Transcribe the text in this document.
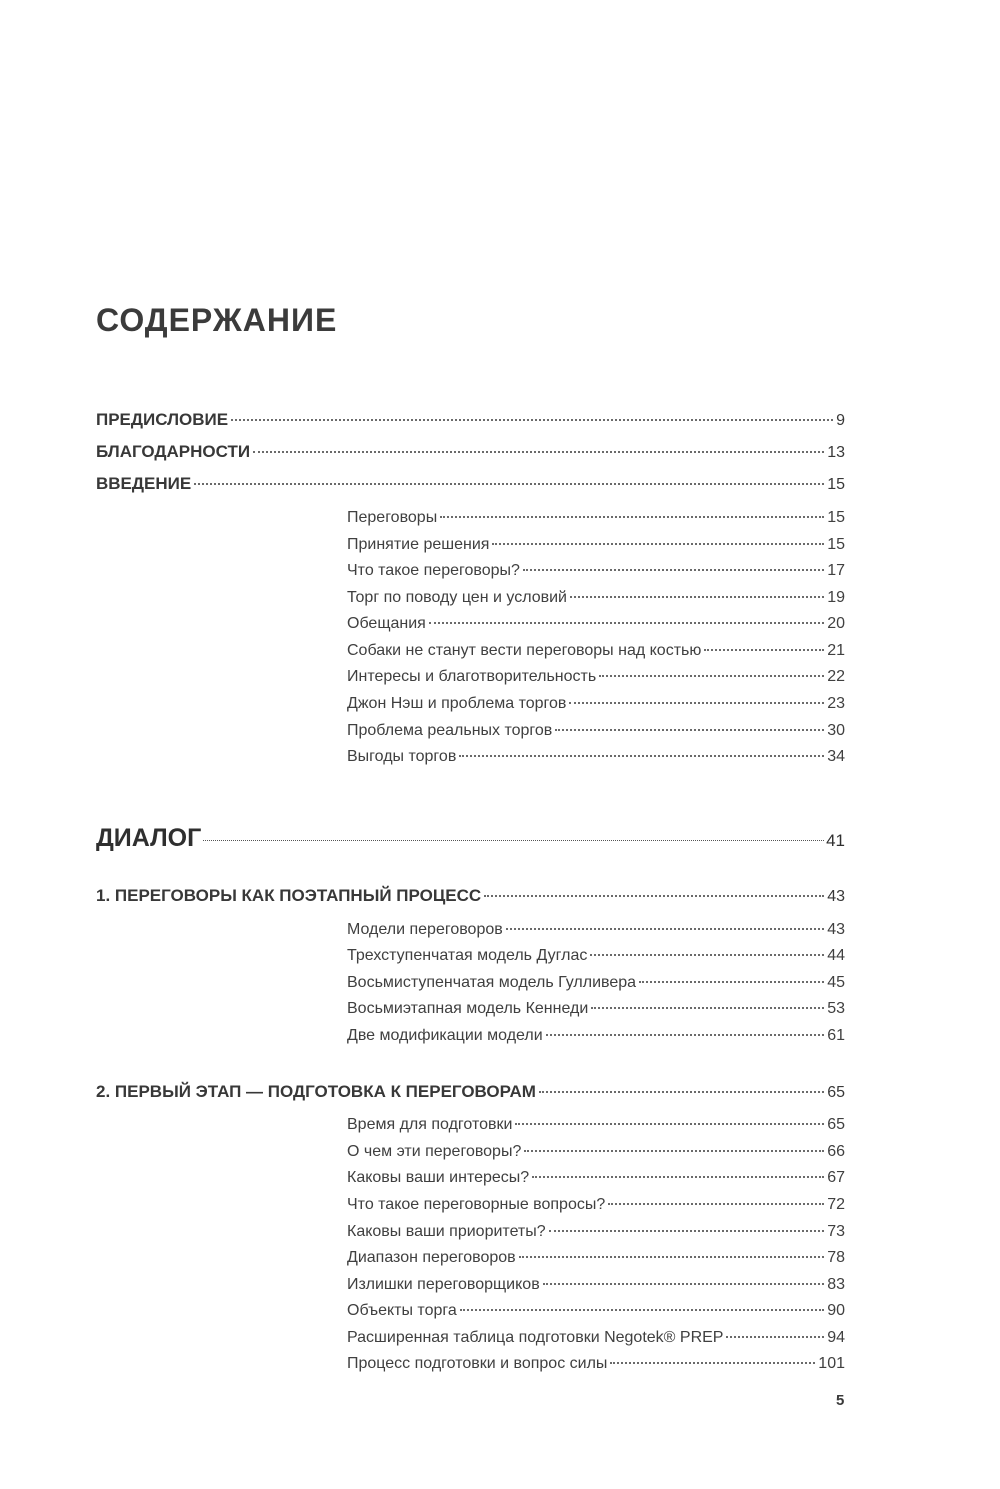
СОДЕРЖАНИЕ
ПРЕДИСЛОВИЕ	9
БЛАГОДАРНОСТИ	13
ВВЕДЕНИЕ	15
Переговоры	15
Принятие решения	15
Что такое переговоры?	17
Торг по поводу цен и условий	19
Обещания	20
Собаки не станут вести переговоры над костью	21
Интересы и благотворительность	22
Джон Нэш и проблема торгов	23
Проблема реальных торгов	30
Выгоды торгов	34
ДИАЛОГ	41
1. ПЕРЕГОВОРЫ КАК ПОЭТАПНЫЙ ПРОЦЕСС	43
Модели переговоров	43
Трехступенчатая модель Дуглас	44
Восьмиступенчатая модель Гулливера	45
Восьмиэтапная модель Кеннеди	53
Две модификации модели	61
2. ПЕРВЫЙ ЭТАП — ПОДГОТОВКА К ПЕРЕГОВОРАМ	65
Время для подготовки	65
О чем эти переговоры?	66
Каковы ваши интересы?	67
Что такое переговорные вопросы?	72
Каковы ваши приоритеты?	73
Диапазон переговоров	78
Излишки переговорщиков	83
Объекты торга	90
Расширенная таблица подготовки Negotek® PREP	94
Процесс подготовки и вопрос силы	101
5
